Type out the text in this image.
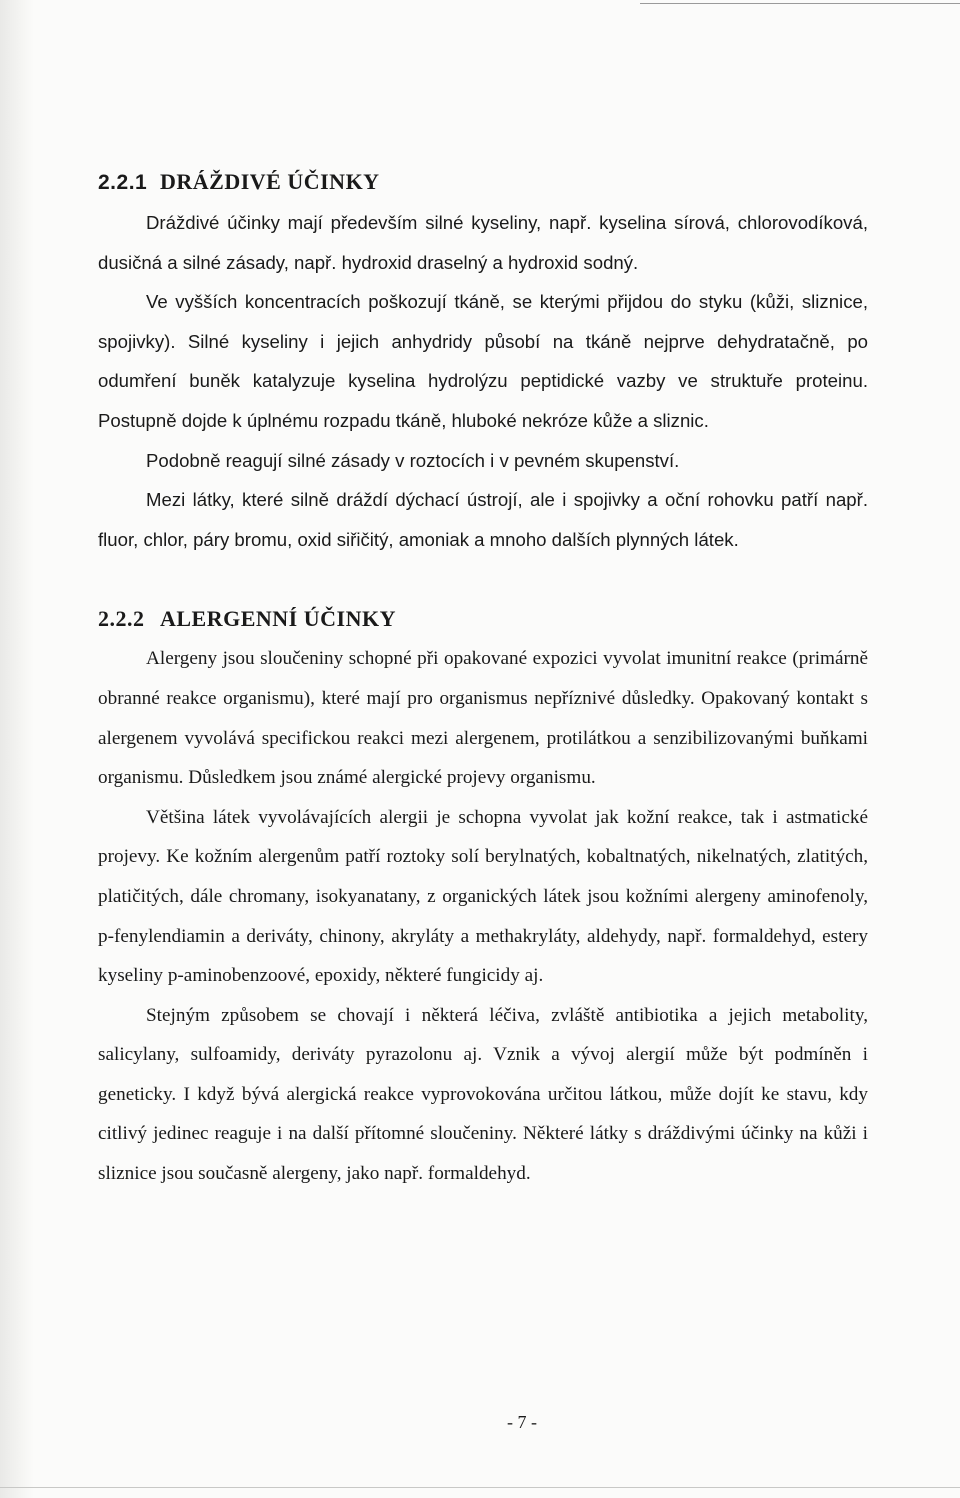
2.2.1 DRÁŽDIVÉ ÚČINKY

Dráždivé účinky mají především silné kyseliny, např. kyselina sírová, chlorovodíková, dusičná a silné zásady, např. hydroxid draselný a hydroxid sodný.

Ve vyšších koncentracích poškozují tkáně, se kterými přijdou do styku (kůži, sliznice, spojivky). Silné kyseliny i jejich anhydridy působí na tkáně nejprve dehydratačně, po odumření buněk katalyzuje kyselina hydrolýzu peptidické vazby ve struktuře proteinu. Postupně dojde k úplnému rozpadu tkáně, hluboké nekróze kůže a sliznic.

Podobně reagují silné zásady v roztocích i v pevném skupenství.

Mezi látky, které silně dráždí dýchací ústrojí, ale i spojivky a oční rohovku patří např. fluor, chlor, páry bromu, oxid siřičitý, amoniak a mnoho dalších plynných látek.

2.2.2 ALERGENNÍ ÚČINKY

Alergeny jsou sloučeniny schopné při opakované expozici vyvolat imunitní reakce (primárně obranné reakce organismu), které mají pro organismus nepříznivé důsledky. Opakovaný kontakt s alergenem vyvolává specifickou reakci mezi alergenem, protilátkou a senzibilizovanými buňkami organismu. Důsledkem jsou známé alergické projevy organismu.

Většina látek vyvolávajících alergii je schopna vyvolat jak kožní reakce, tak i astmatické projevy. Ke kožním alergenům patří roztoky solí berylnatých, kobaltnatých, nikelnatých, zlatitých, platičitých, dále chromany, isokyanatany, z organických látek jsou kožními alergeny aminofenoly, p-fenylendiamin a deriváty, chinony, akryláty a methakryláty, aldehydy, např. formaldehyd, estery kyseliny p-aminobenzoové, epoxidy, některé fungicidy aj.

Stejným způsobem se chovají i některá léčiva, zvláště antibiotika a jejich metabolity, salicylany, sulfoamidy, deriváty pyrazolonu aj. Vznik a vývoj alergií může být podmíněn i geneticky. I když bývá alergická reakce vyprovokována určitou látkou, může dojít ke stavu, kdy citlivý jedinec reaguje i na další přítomné sloučeniny. Některé látky s dráždivými účinky na kůži i sliznice jsou současně alergeny, jako např. formaldehyd.

- 7 -
